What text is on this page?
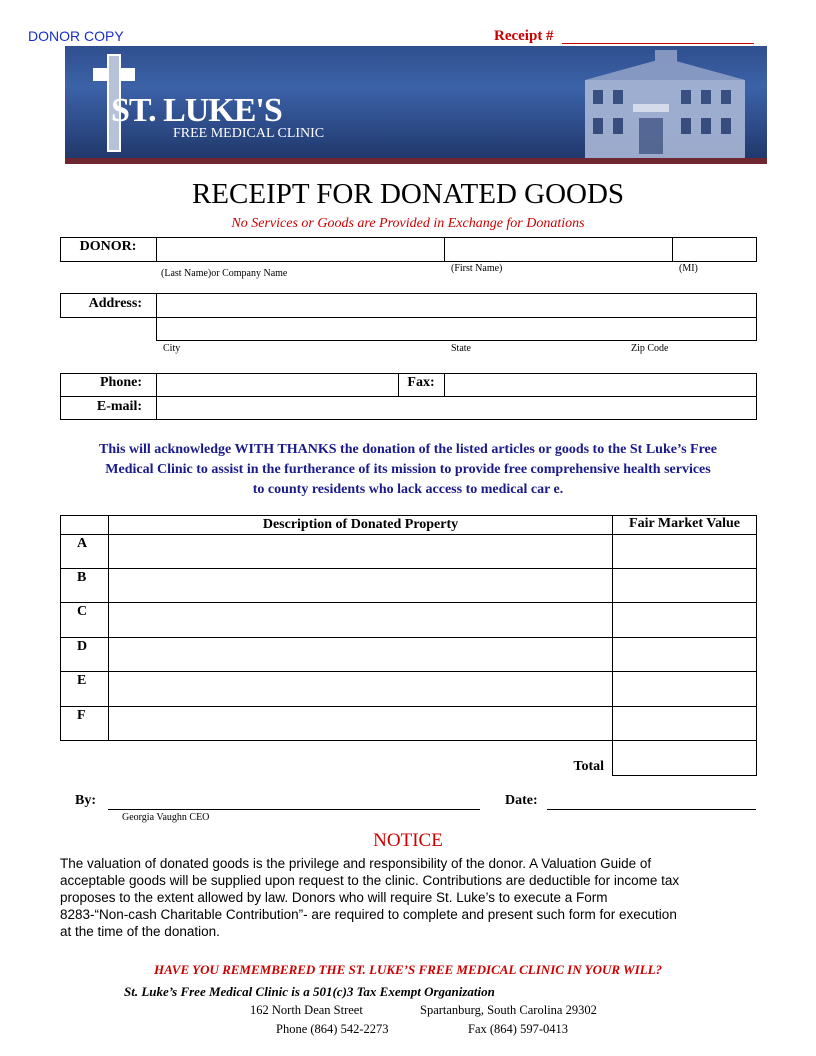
DONOR COPY	Receipt #
ST. LUKE'S
FREE MEDICAL CLINIC
RECEIPT FOR DONATED GOODS
No Services or Goods are Provided in Exchange for Donations
DONOR:
(Last Name)or Company Name	(First Name)	(MI)
Address:
City	State	Zip Code
Phone:	Fax:
E-mail:
This will acknowledge WITH THANKS the donation of the listed articles or goods to the St Luke’s Free
Medical Clinic to assist in the furtherance of its mission to provide free comprehensive health services
to county residents who lack access to medical car e.
Description of Donated Property	Fair Market Value
A
B
C
D
E
F
Total
By:
Georgia Vaughn CEO
Date:
NOTICE
The valuation of donated goods is the privilege and responsibility of the donor. A Valuation Guide of
acceptable goods will be supplied upon request to the clinic. Contributions are deductible for income tax
proposes to the extent allowed by law. Donors who will require St. Luke’s to execute a Form
8283-“Non-cash Charitable Contribution”- are required to complete and present such form for execution
at the time of the donation.
HAVE YOU REMEMBERED THE ST. LUKE’S FREE MEDICAL CLINIC IN YOUR WILL?
St. Luke’s Free Medical Clinic is a 501(c)3 Tax Exempt Organization
162 North Dean Street	Spartanburg, South Carolina 29302
Phone (864) 542-2273	Fax (864) 597-0413
